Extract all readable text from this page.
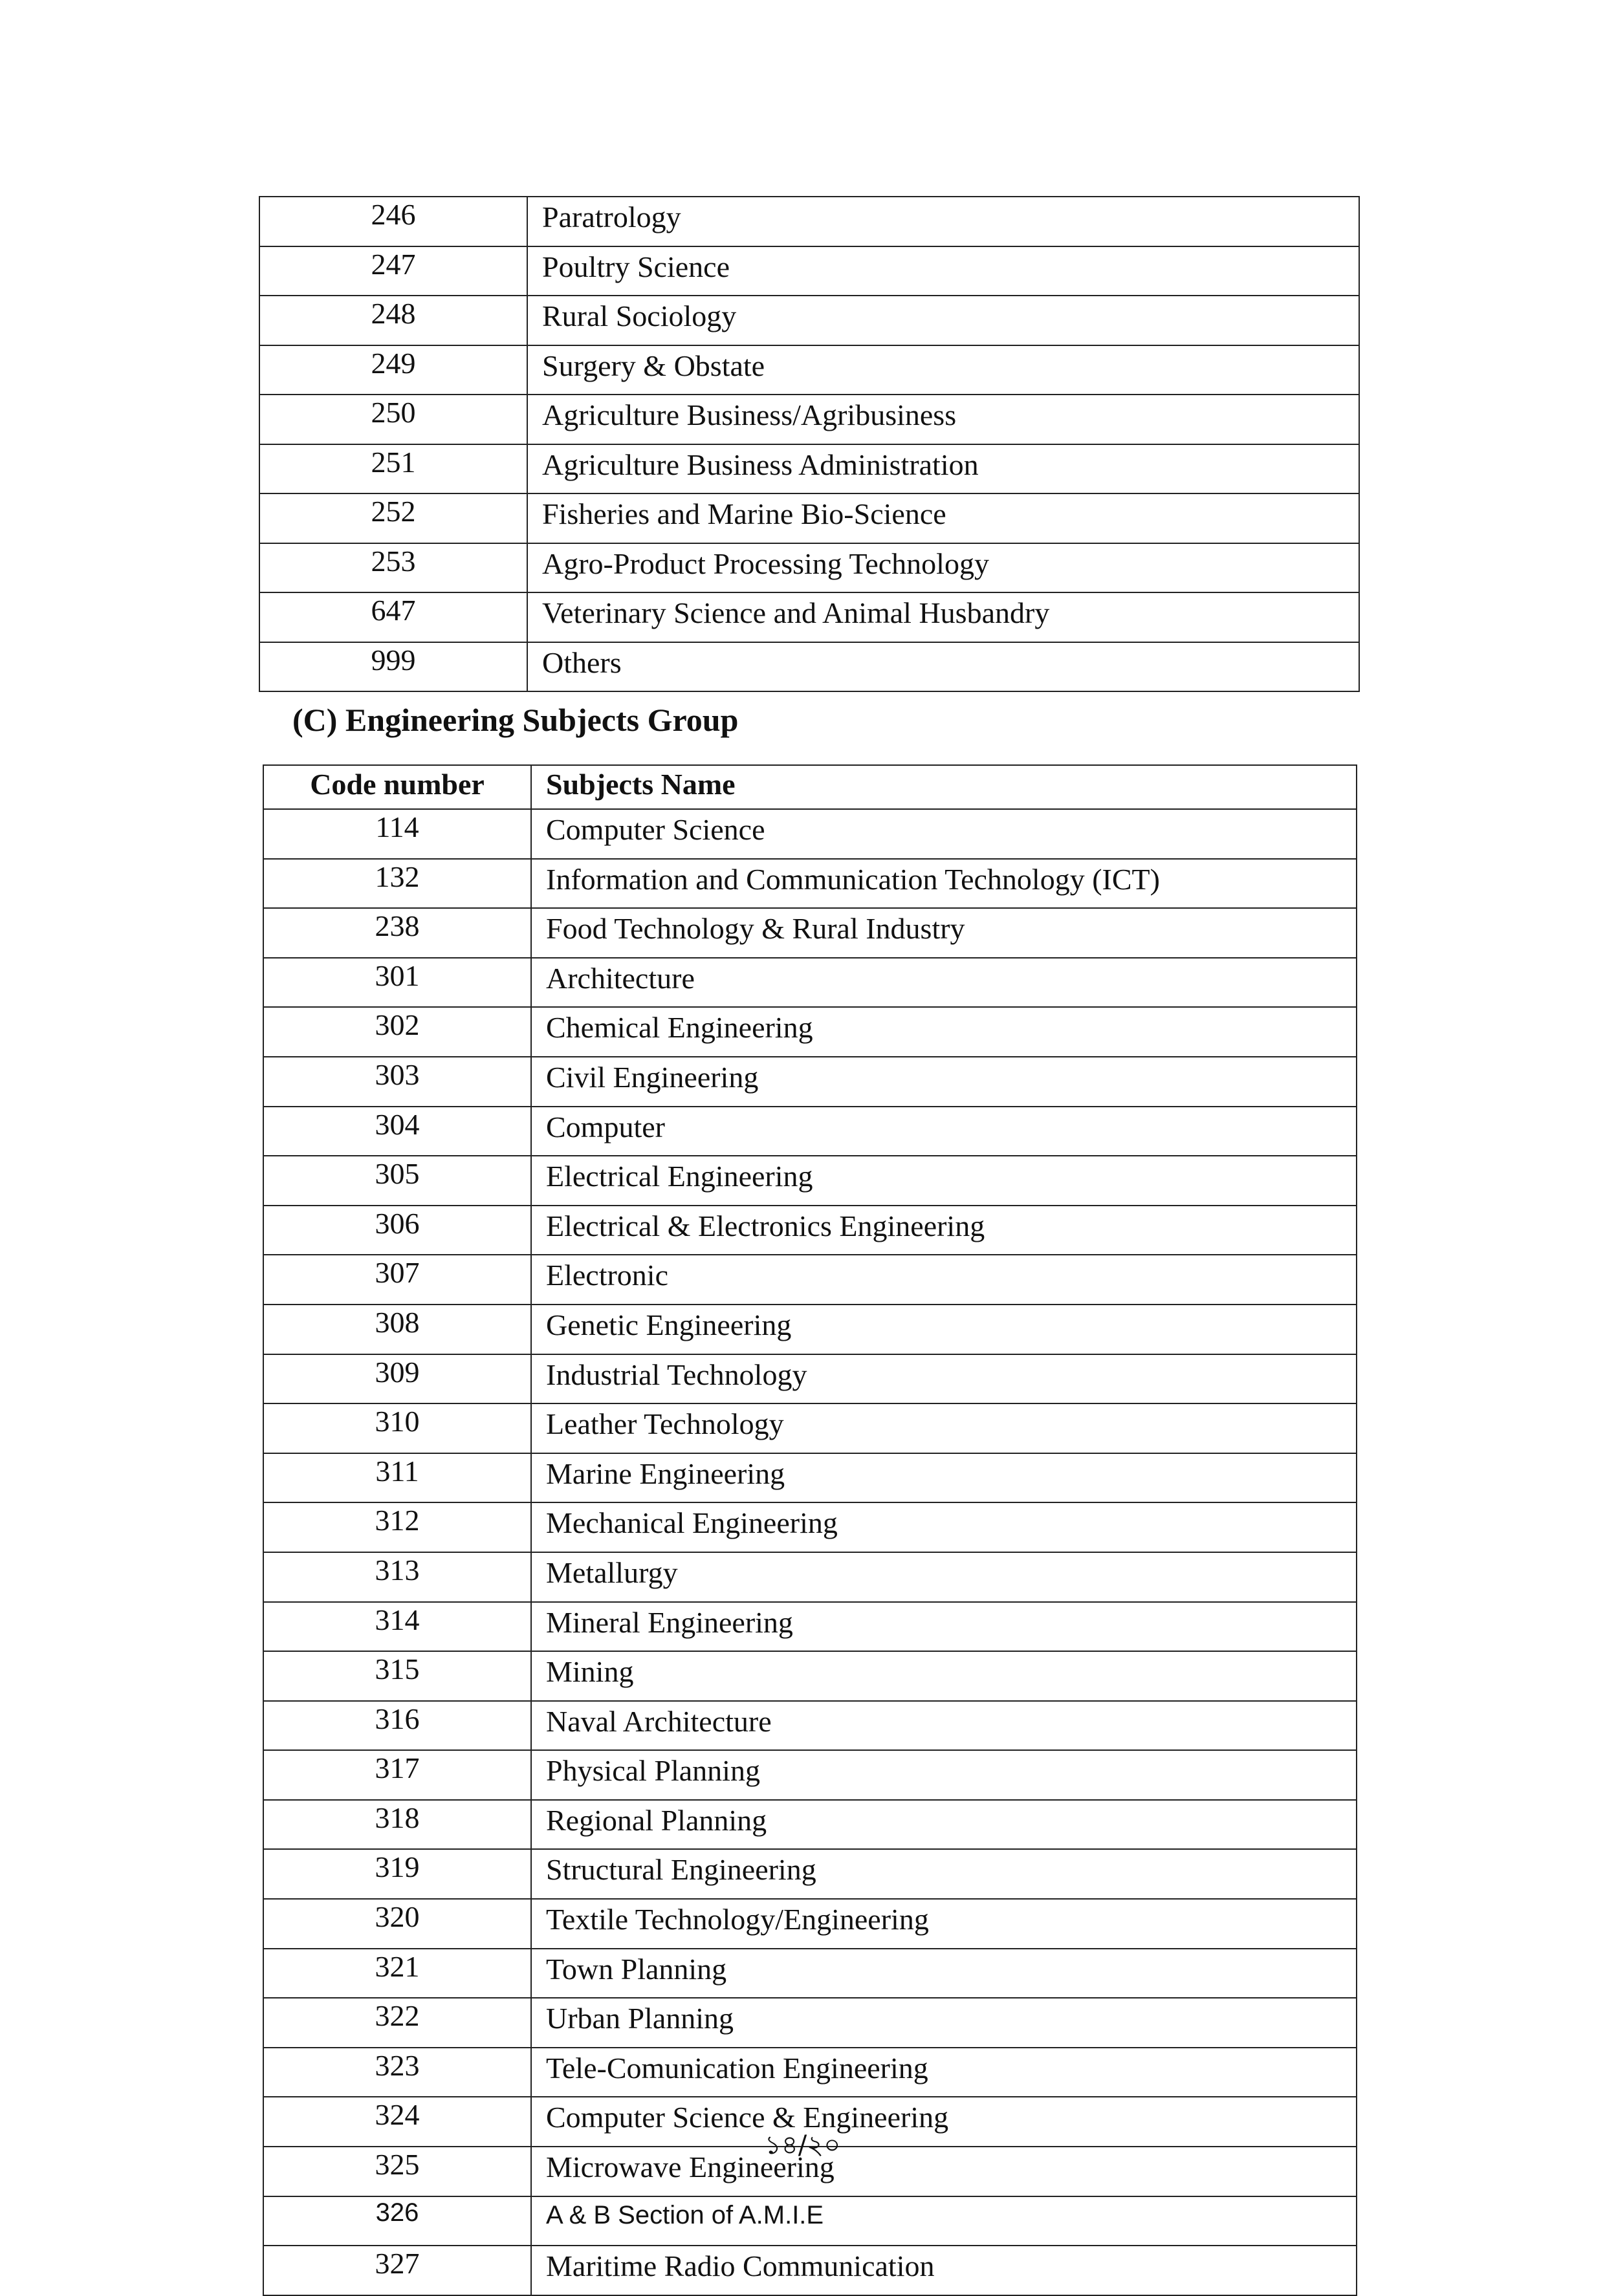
246	Paratrology
247	Poultry Science
248	Rural Sociology
249	Surgery & Obstate
250	Agriculture Business/Agribusiness
251	Agriculture Business Administration
252	Fisheries and Marine Bio-Science
253	Agro-Product Processing Technology
647	Veterinary Science and Animal Husbandry
999	Others
(C) Engineering Subjects Group
Code number	Subjects Name
114	Computer Science
132	Information and Communication Technology (ICT)
238	Food Technology & Rural Industry
301	Architecture
302	Chemical Engineering
303	Civil Engineering
304	Computer
305	Electrical Engineering
306	Electrical & Electronics Engineering
307	Electronic
308	Genetic Engineering
309	Industrial Technology
310	Leather Technology
311	Marine Engineering
312	Mechanical Engineering
313	Metallurgy
314	Mineral Engineering
315	Mining
316	Naval Architecture
317	Physical Planning
318	Regional Planning
319	Structural Engineering
320	Textile Technology/Engineering
321	Town Planning
322	Urban Planning
323	Tele-Comunication Engineering
324	Computer Science & Engineering
325	Microwave Engineering
326	A & B Section of A.M.I.E
327	Maritime Radio Communication
১৪/২০
